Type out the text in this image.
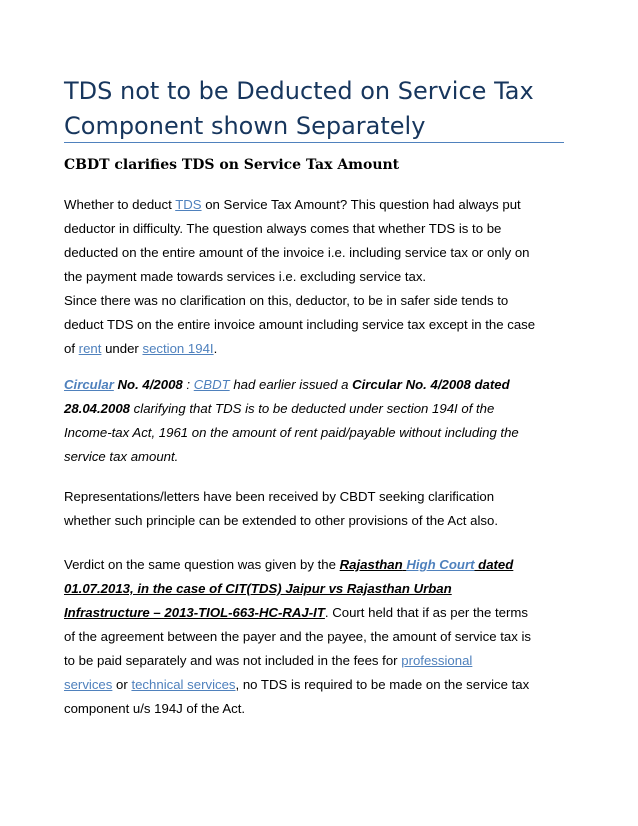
TDS not to be Deducted on Service Tax
Component shown Separately
CBDT clarifies TDS on Service Tax Amount
Whether to deduct TDS on Service Tax Amount? This question had always put
deductor in difficulty. The question always comes that whether TDS is to be
deducted on the entire amount of the invoice i.e. including service tax or only on
the payment made towards services i.e. excluding service tax.
Since there was no clarification on this, deductor, to be in safer side tends to
deduct TDS on the entire invoice amount including service tax except in the case
of rent under section 194I.
Circular No. 4/2008 : CBDT had earlier issued a Circular No. 4/2008 dated
28.04.2008 clarifying that TDS is to be deducted under section 194I of the
Income-tax Act, 1961 on the amount of rent paid/payable without including the
service tax amount.
Representations/letters have been received by CBDT seeking clarification
whether such principle can be extended to other provisions of the Act also.
Verdict on the same question was given by the Rajasthan High Court dated
01.07.2013, in the case of CIT(TDS) Jaipur vs Rajasthan Urban
Infrastructure – 2013-TIOL-663-HC-RAJ-IT. Court held that if as per the terms
of the agreement between the payer and the payee, the amount of service tax is
to be paid separately and was not included in the fees for professional
services or technical services, no TDS is required to be made on the service tax
component u/s 194J of the Act.
